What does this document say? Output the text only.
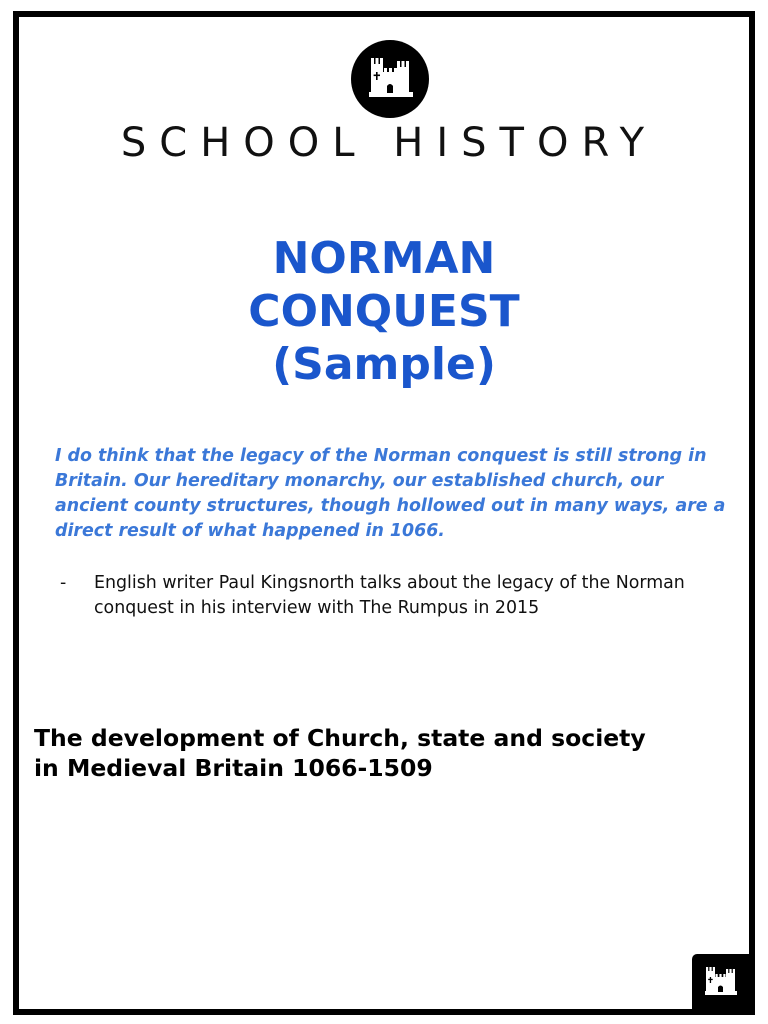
SCHOOL HISTORY
NORMAN
CONQUEST
(Sample)
I do think that the legacy of the Norman conquest is still strong in Britain. Our hereditary monarchy, our established church, our ancient county structures, though hollowed out in many ways, are a direct result of what happened in 1066.
-	English writer Paul Kingsnorth talks about the legacy of the Norman conquest in his interview with The Rumpus in 2015
The development of Church, state and society in Medieval Britain 1066-1509
